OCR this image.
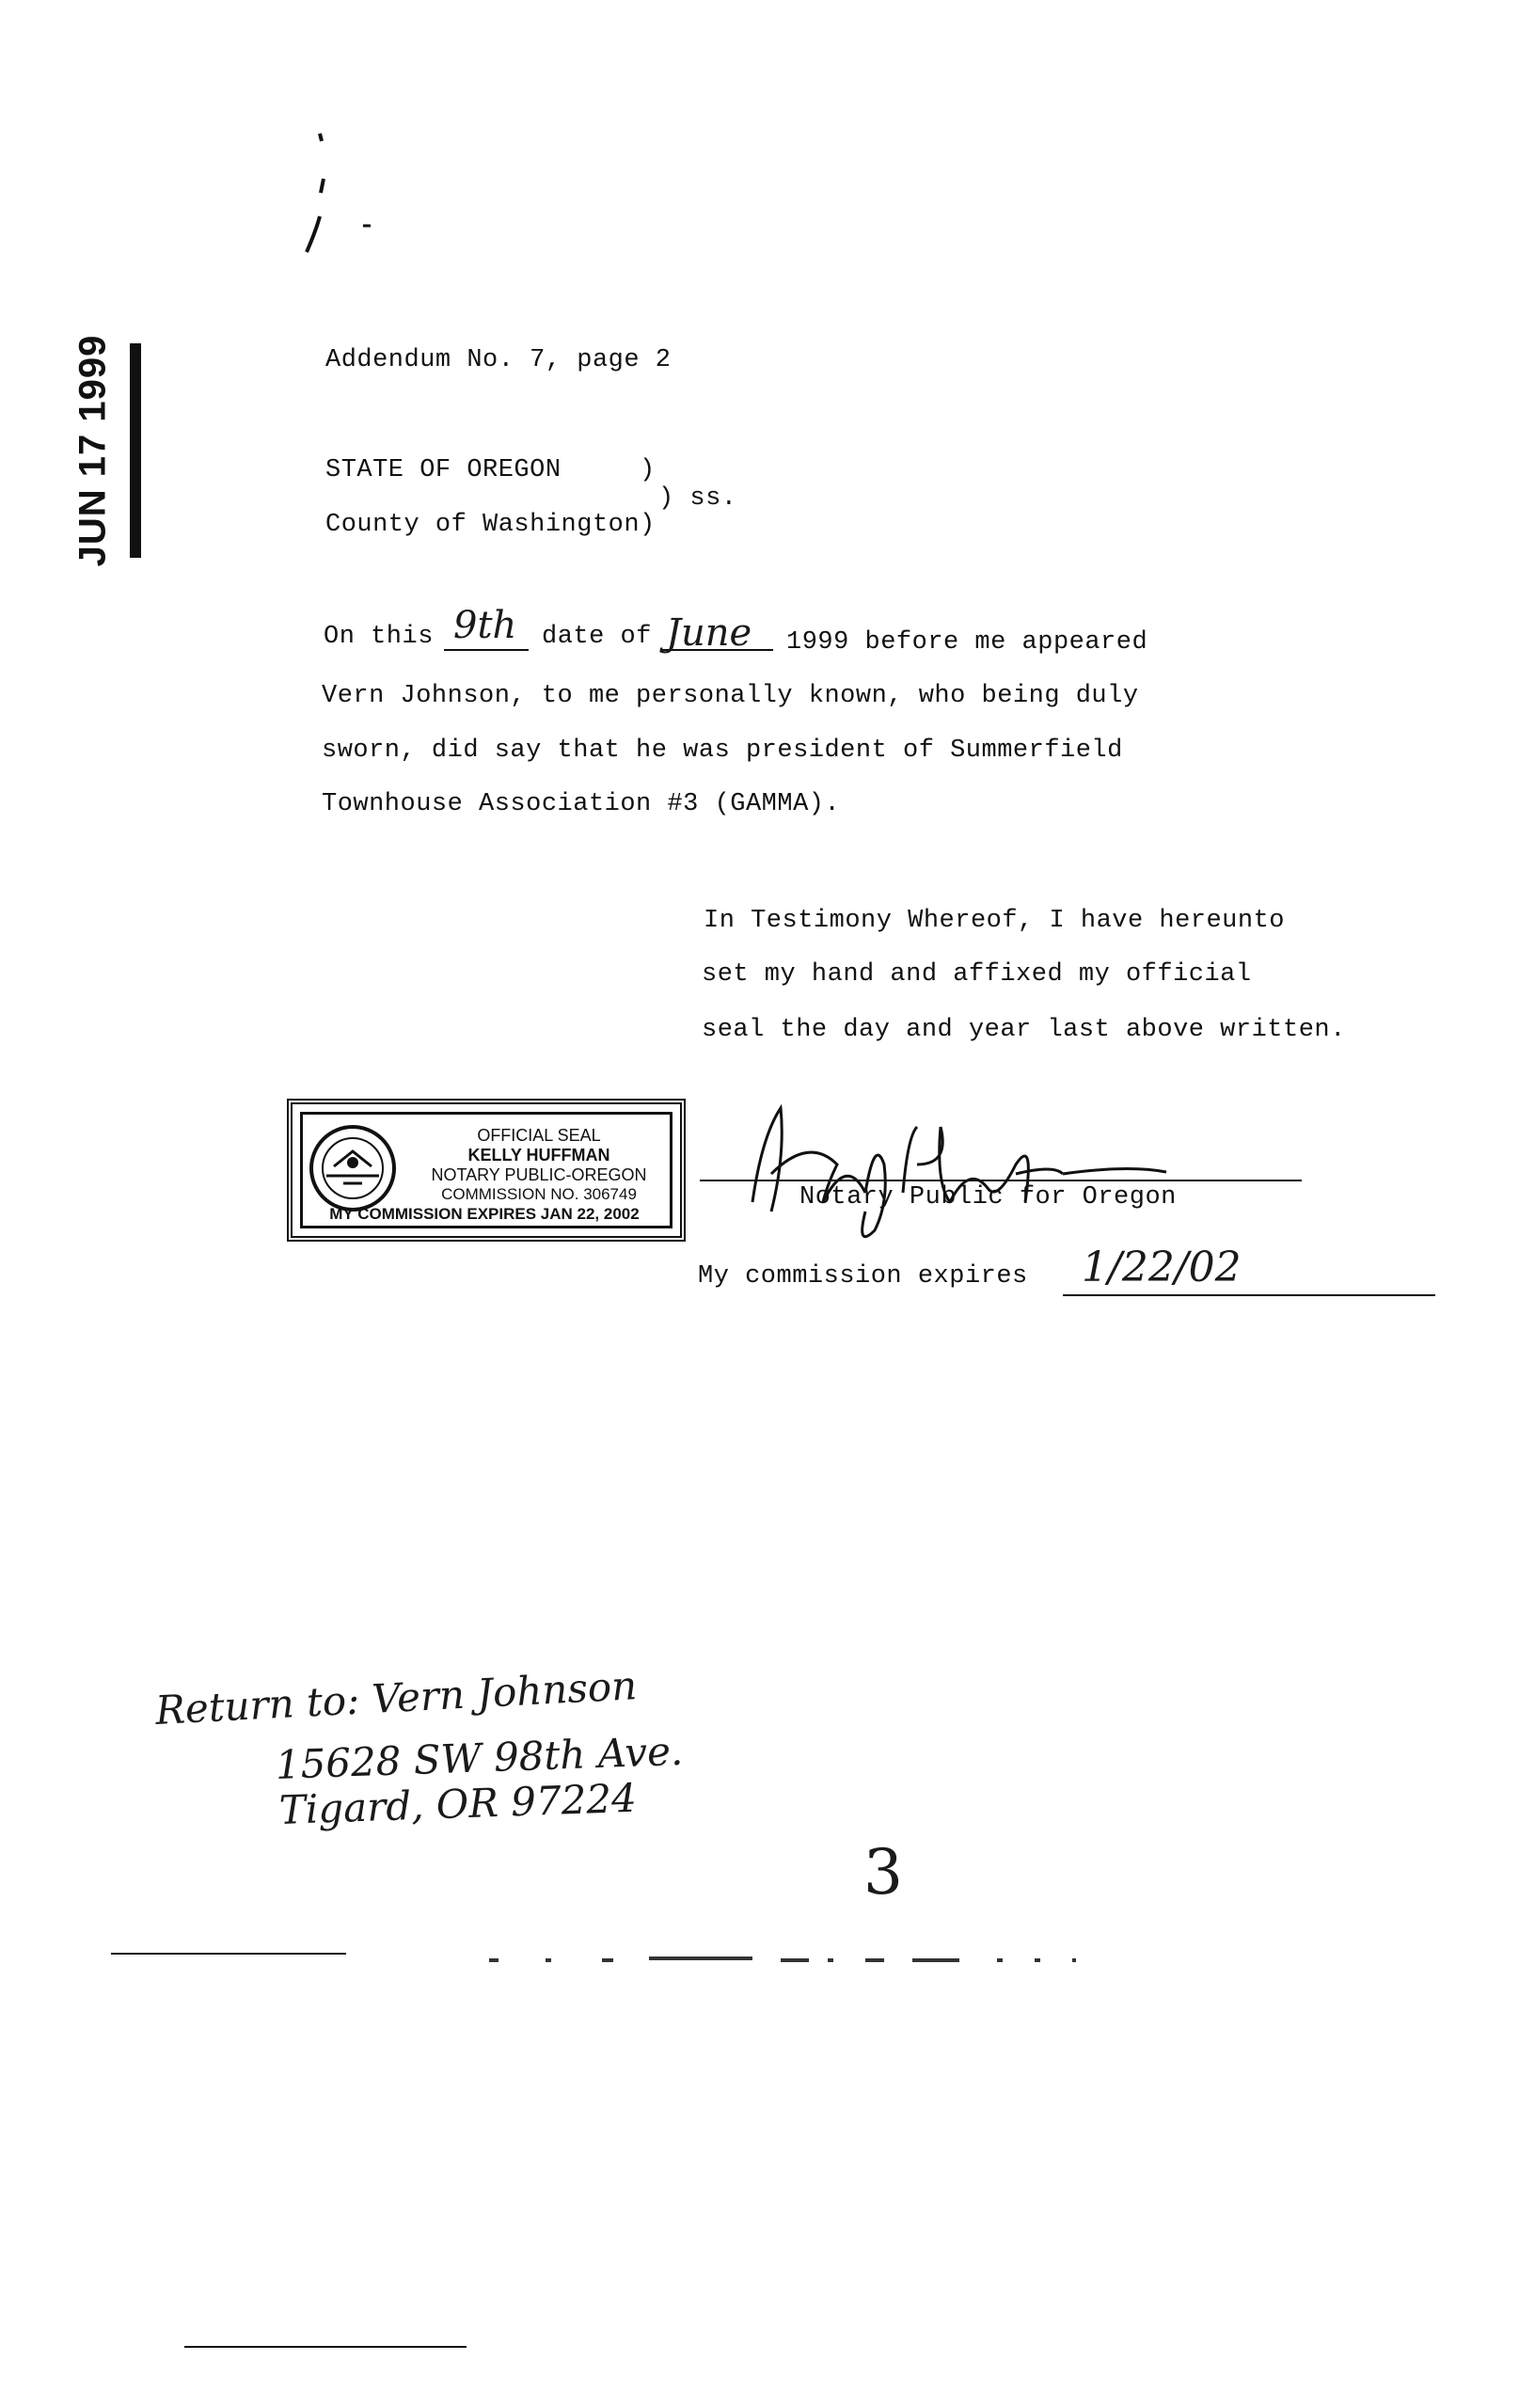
JUN 17 1999	Addendum No. 7, page 2
STATE OF OREGON     )
) ss.
County of Washington)
On this 9th date of June 1999 before me appeared
Vern Johnson, to me personally known, who being duly
sworn, did say that he was president of Summerfield
Townhouse Association #3 (GAMMA).
In Testimony Whereof, I have hereunto
set my hand and affixed my official
seal the day and year last above written.
OFFICIAL SEAL
KELLY HUFFMAN
NOTARY PUBLIC-OREGON
COMMISSION NO. 306749
MY COMMISSION EXPIRES JAN 22, 2002
Notary Public for Oregon
My commission expires 1/22/02
Return to: Vern Johnson
15628 SW 98th Ave.
Tigard, OR 97224
3
